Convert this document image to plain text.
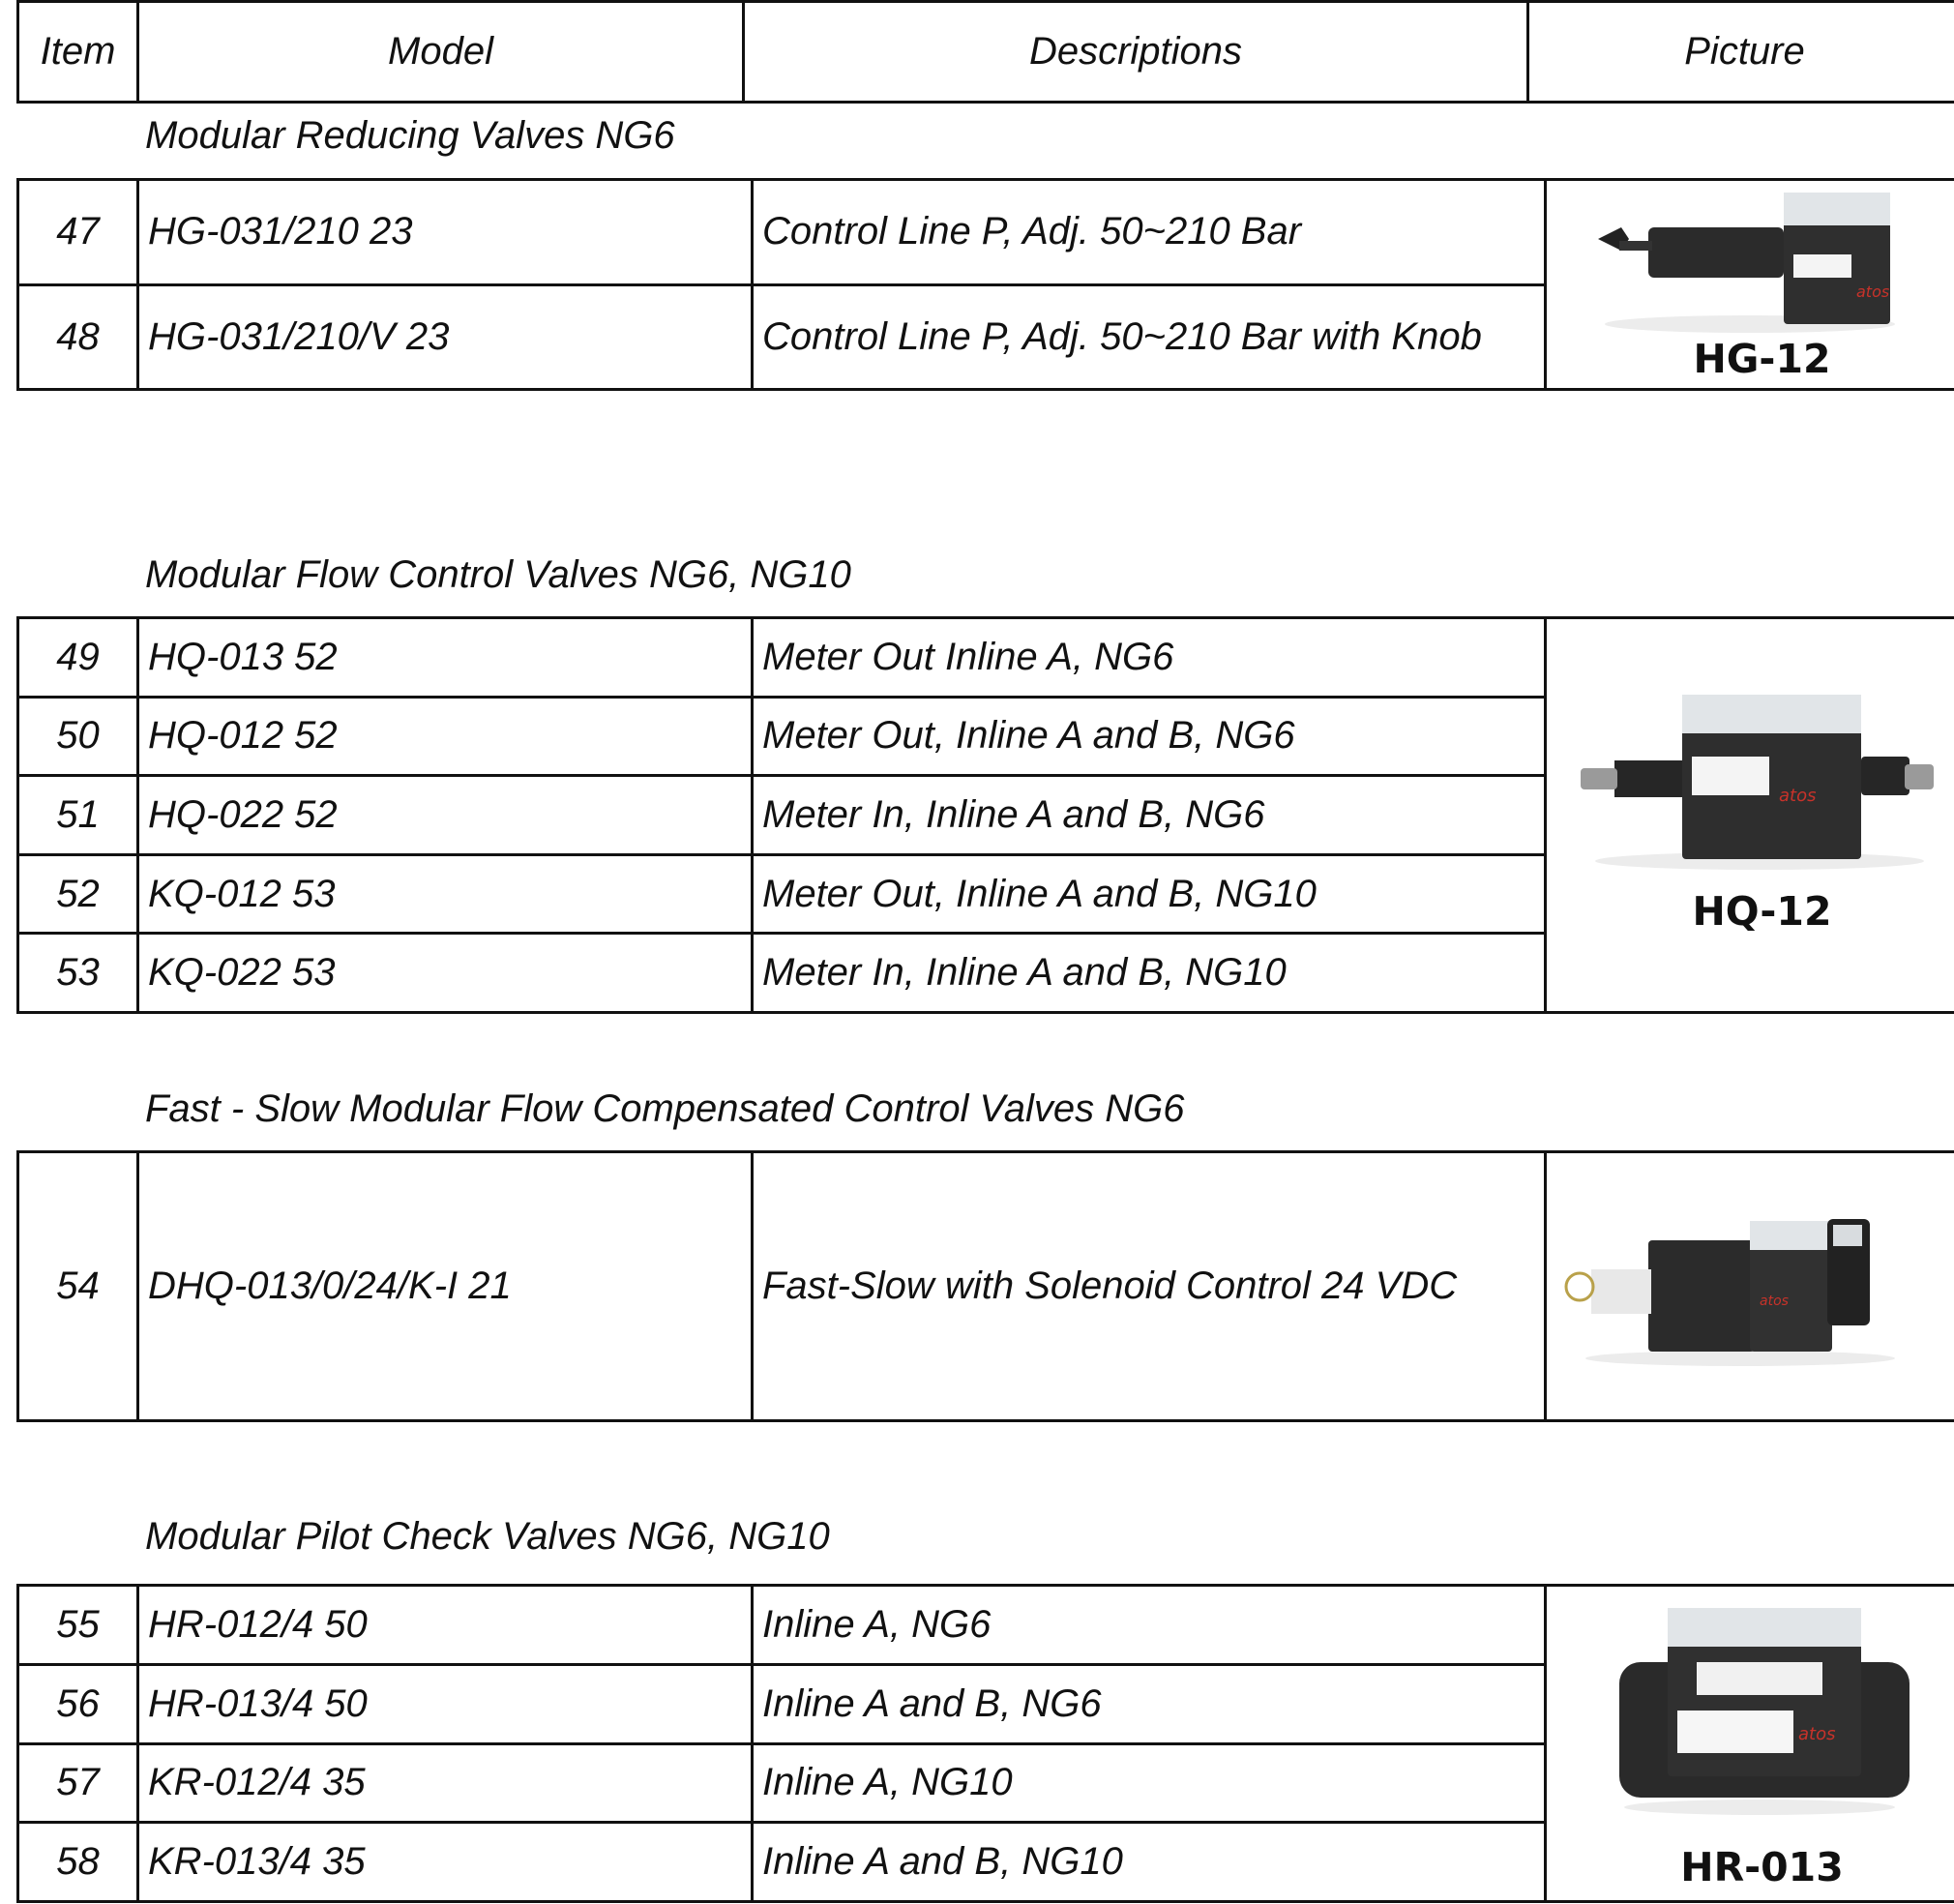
Item	Model	Descriptions	Picture
Modular Reducing Valves NG6
47	HG-031/210 23	Control Line P, Adj. 50~210 Bar	atos
HG-12

48	HG-031/210/V 23	Control Line P, Adj. 50~210 Bar with Knob	
Modular Flow Control Valves NG6, NG10
49	HQ-013 52	Meter Out Inline A, NG6	atos
HQ-12

50	HQ-012 52	Meter Out, Inline A and B, NG6	
51	HQ-022 52	Meter In, Inline A and B, NG6	
52	KQ-012 53	Meter Out, Inline A and B, NG10	
53	KQ-022 53	Meter In, Inline A and B, NG10	
Fast - Slow Modular Flow Compensated Control Valves NG6
54	DHQ-013/0/24/K-I 21	Fast-Slow with Solenoid Control 24 VDC	atos
Modular Pilot Check Valves NG6, NG10
55	HR-012/4 50	Inline A, NG6	atos
HR-013

56	HR-013/4 50	Inline A and B, NG6	
57	KR-012/4 35	Inline A, NG10	
58	KR-013/4 35	Inline A and B, NG10	
